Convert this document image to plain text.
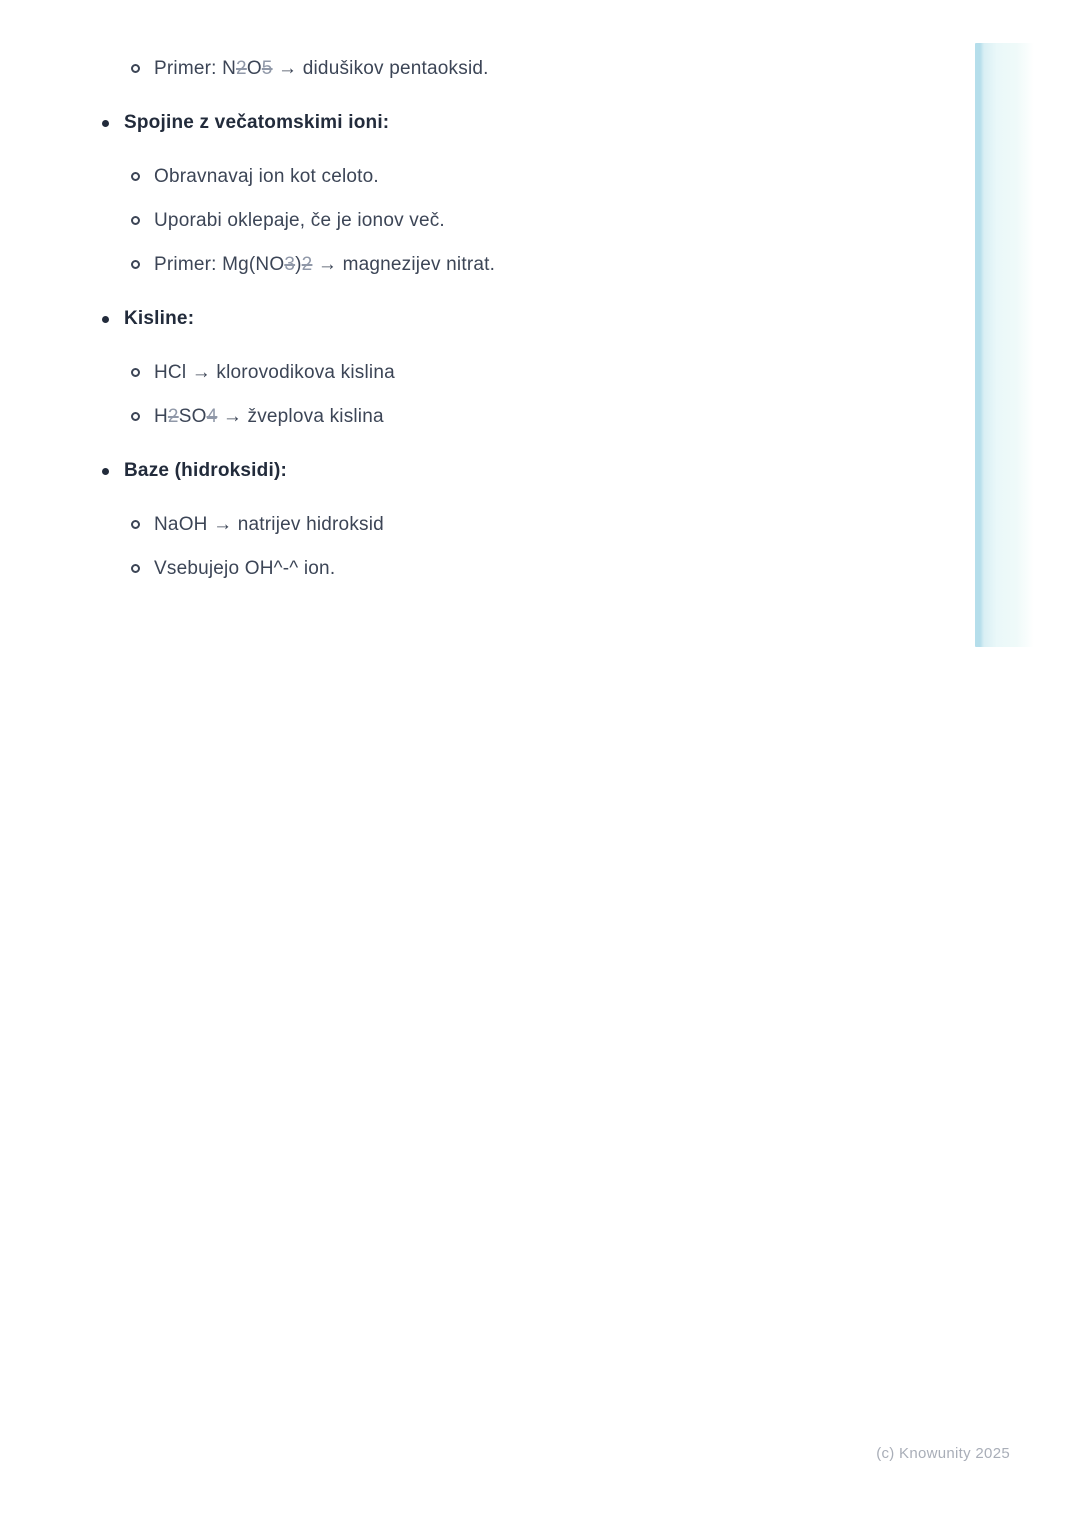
Primer: N2O5 → didušikov pentaoksid.
Spojine z večatomskimi ioni:
Obravnavaj ion kot celoto.
Uporabi oklepaje, če je ionov več.
Primer: Mg(NO3)2 → magnezijev nitrat.
Kisline:
HCl → klorovodikova kislina
H2SO4 → žveplova kislina
Baze (hidroksidi):
NaOH → natrijev hidroksid
Vsebujejo OH^-^ ion.
(c) Knowunity 2025
